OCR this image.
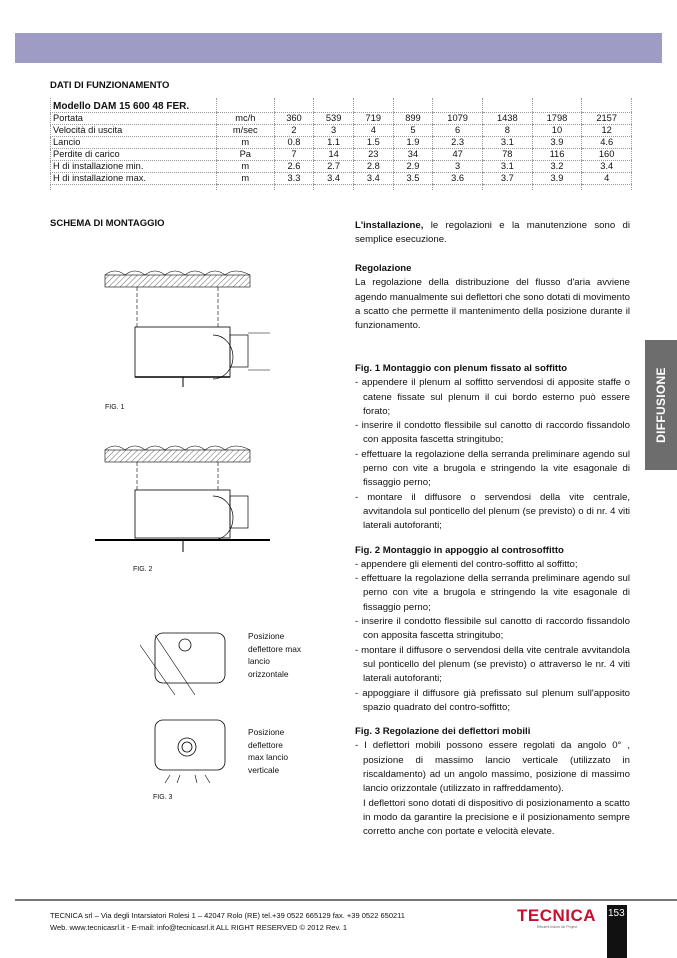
DATI DI FUNZIONAMENTO
Modello DAM 15 600 48 FER.									
Portata	mc/h	360	539	719	899	1079	1438	1798	2157
Velocità di uscita	m/sec	2	3	4	5	6	8	10	12
Lancio	m	0.8	1.1	1.5	1.9	2.3	3.1	3.9	4.6
Perdite di carico	Pa	7	14	23	34	47	78	116	160
H di installazione min.	m	2.6	2.7	2.8	2.9	3	3.1	3.2	3.4
H di installazione max.	m	3.3	3.4	3.4	3.5	3.6	3.7	3.9	4

SCHEMA DI MONTAGGIO
FIG. 1
FIG. 2
Posizione deflettore max lancio orizzontale
Posizione deflettore max lancio verticale
FIG. 3
L'installazione, le regolazioni e la manutenzione sono di semplice esecuzione.
Regolazione
La regolazione della distribuzione del flusso d'aria avviene agendo manualmente sui deflettori che sono dotati di movimento a scatto che permette il mantenimento della posizione durante il funzionamento.
Fig. 1 Montaggio con plenum fissato al soffitto
- appendere il plenum al soffitto servendosi di apposite staffe o catene fissate sul plenum il cui bordo esterno può essere forato;
- inserire il condotto flessibile sul canotto di raccordo fissandolo con apposita fascetta stringitubo;
- effettuare la regolazione della serranda preliminare agendo sul perno con vite a brugola e stringendo la vite esagonale di fissaggio perno;
- montare il diffusore o servendosi della vite centrale, avvitandola sul ponticello del plenum (se previsto) o di nr. 4 viti laterali autoforanti;
Fig. 2 Montaggio in appoggio al controsoffitto
- appendere gli elementi del contro-soffitto al soffitto;
- effettuare la regolazione della serranda preliminare agendo sul perno con vite a brugola e stringendo la vite esagonale di fissaggio perno;
- inserire il condotto flessibile sul canotto di raccordo fissandolo con apposita fascetta stringitubo;
- montare il diffusore o servendosi della vite centrale avvitandola sul ponticello del plenum (se previsto) o attraverso le nr. 4 viti laterali autoforanti;
- appoggiare il diffusore già prefissato sul plenum sull'apposito spazio quadrato del contro-soffitto;
Fig. 3 Regolazione dei deflettori mobili
- I deflettori mobili possono essere regolati da angolo 0° , posizione di massimo lancio verticale (utilizzato in riscaldamento) ad un angolo massimo, posizione di massimo lancio orizzontale (utilizzato in raffreddamento).
I deflettori sono dotati di dispositivo di posizionamento a scatto in modo da garantire la precisione e il posizionamento sempre corretto anche con portate e velocità elevate.
DIFFUSIONE
TECNICA srl – Via degli Intarsiatori Rolesi 1 – 42047 Rolo (RE) tel.+39 0522 665129 fax. +39 0522 650211
Web. www.tecnicasrl.it - E-mail: info@tecnicasrl.it ALL RIGHT RESERVED © 2012 Rev. 1
TECNICA
Efficient Indoor Air Project
153
